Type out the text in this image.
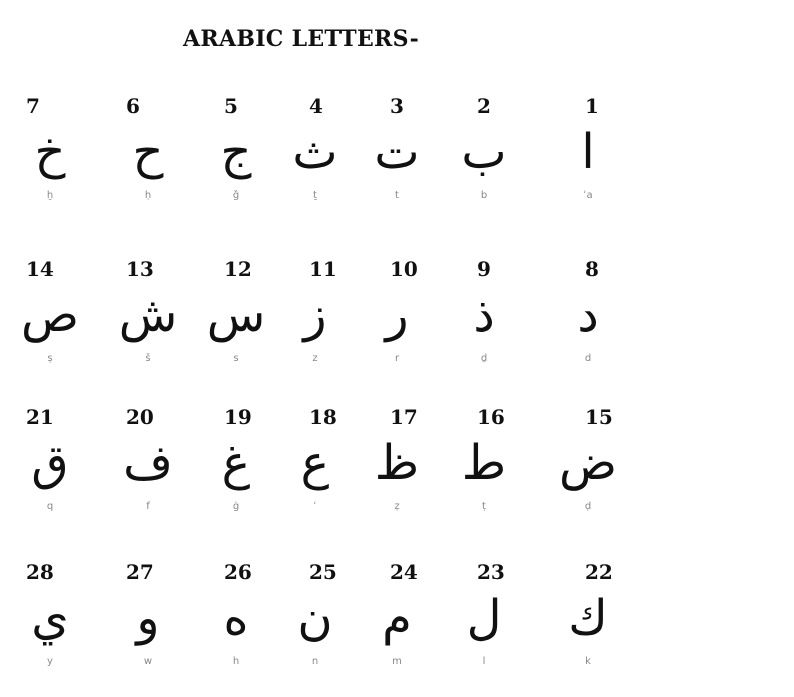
ARABIC LETTERS-
1
ا
ʾa
2
ب
b
3
ت
t
4
ث
ṯ
5
ج
ǧ
6
ح
ḥ
7
خ
ḫ
8
د
d
9
ذ
ḏ
10
ر
r
11
ز
z
12
س
s
13
ش
š
14
ص
ṣ
15
ض
ḍ
16
ط
ṭ
17
ظ
ẓ
18
ع
ʿ
19
غ
ġ
20
ف
f
21
ق
q
22
ك
k
23
ل
l
24
م
m
25
ن
n
26
ه
h
27
و
w
28
ي
y
